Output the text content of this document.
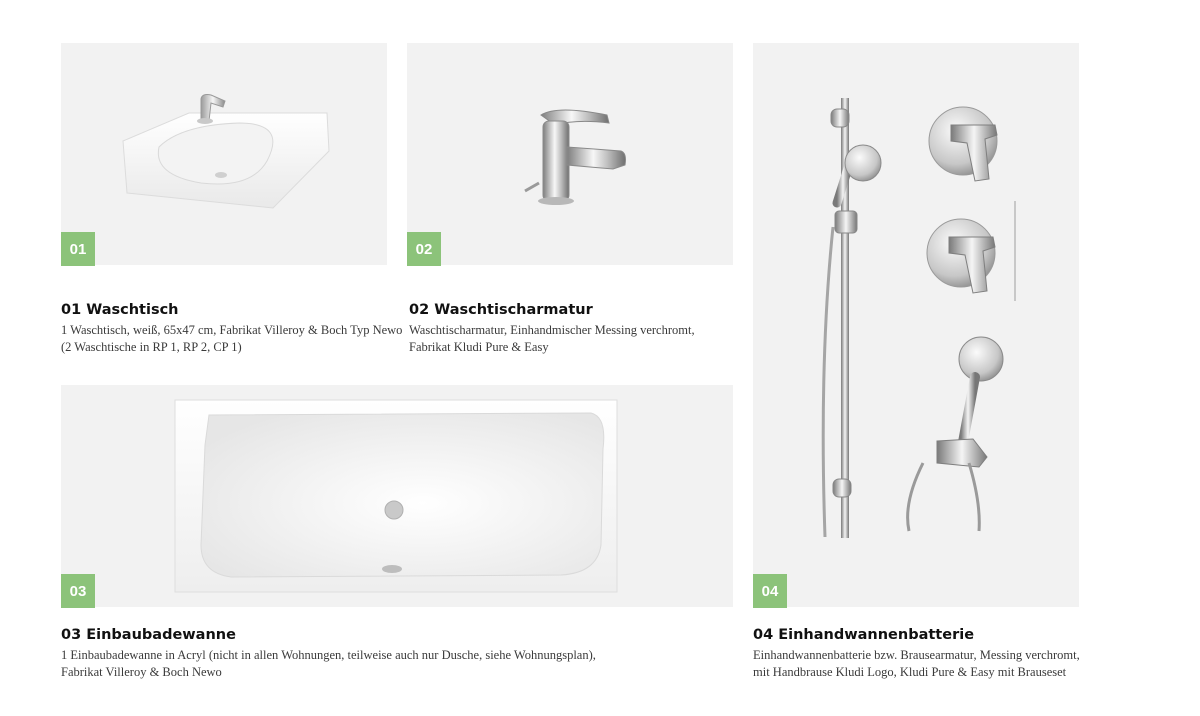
01	02
04
01 Waschtisch

1 Waschtisch, weiß, 65x47 cm, Fabrikat Villeroy & Boch Typ Newo
(2 Waschtische in RP 1, RP 2, CP 1)

02 Waschtischarmatur

Waschtischarmatur, Einhandmischer Messing verchromt,
Fabrikat Kludi Pure & Easy

03
03 Einbaubadewanne

1 Einbaubadewanne in Acryl (nicht in allen Wohnungen, teilweise auch nur Dusche, siehe Wohnungsplan),
Fabrikat Villeroy & Boch Newo

04 Einhandwannenbatterie

Einhandwannenbatterie bzw. Brausearmatur, Messing verchromt,
mit Handbrause Kludi Logo, Kludi Pure & Easy mit Brauseset
